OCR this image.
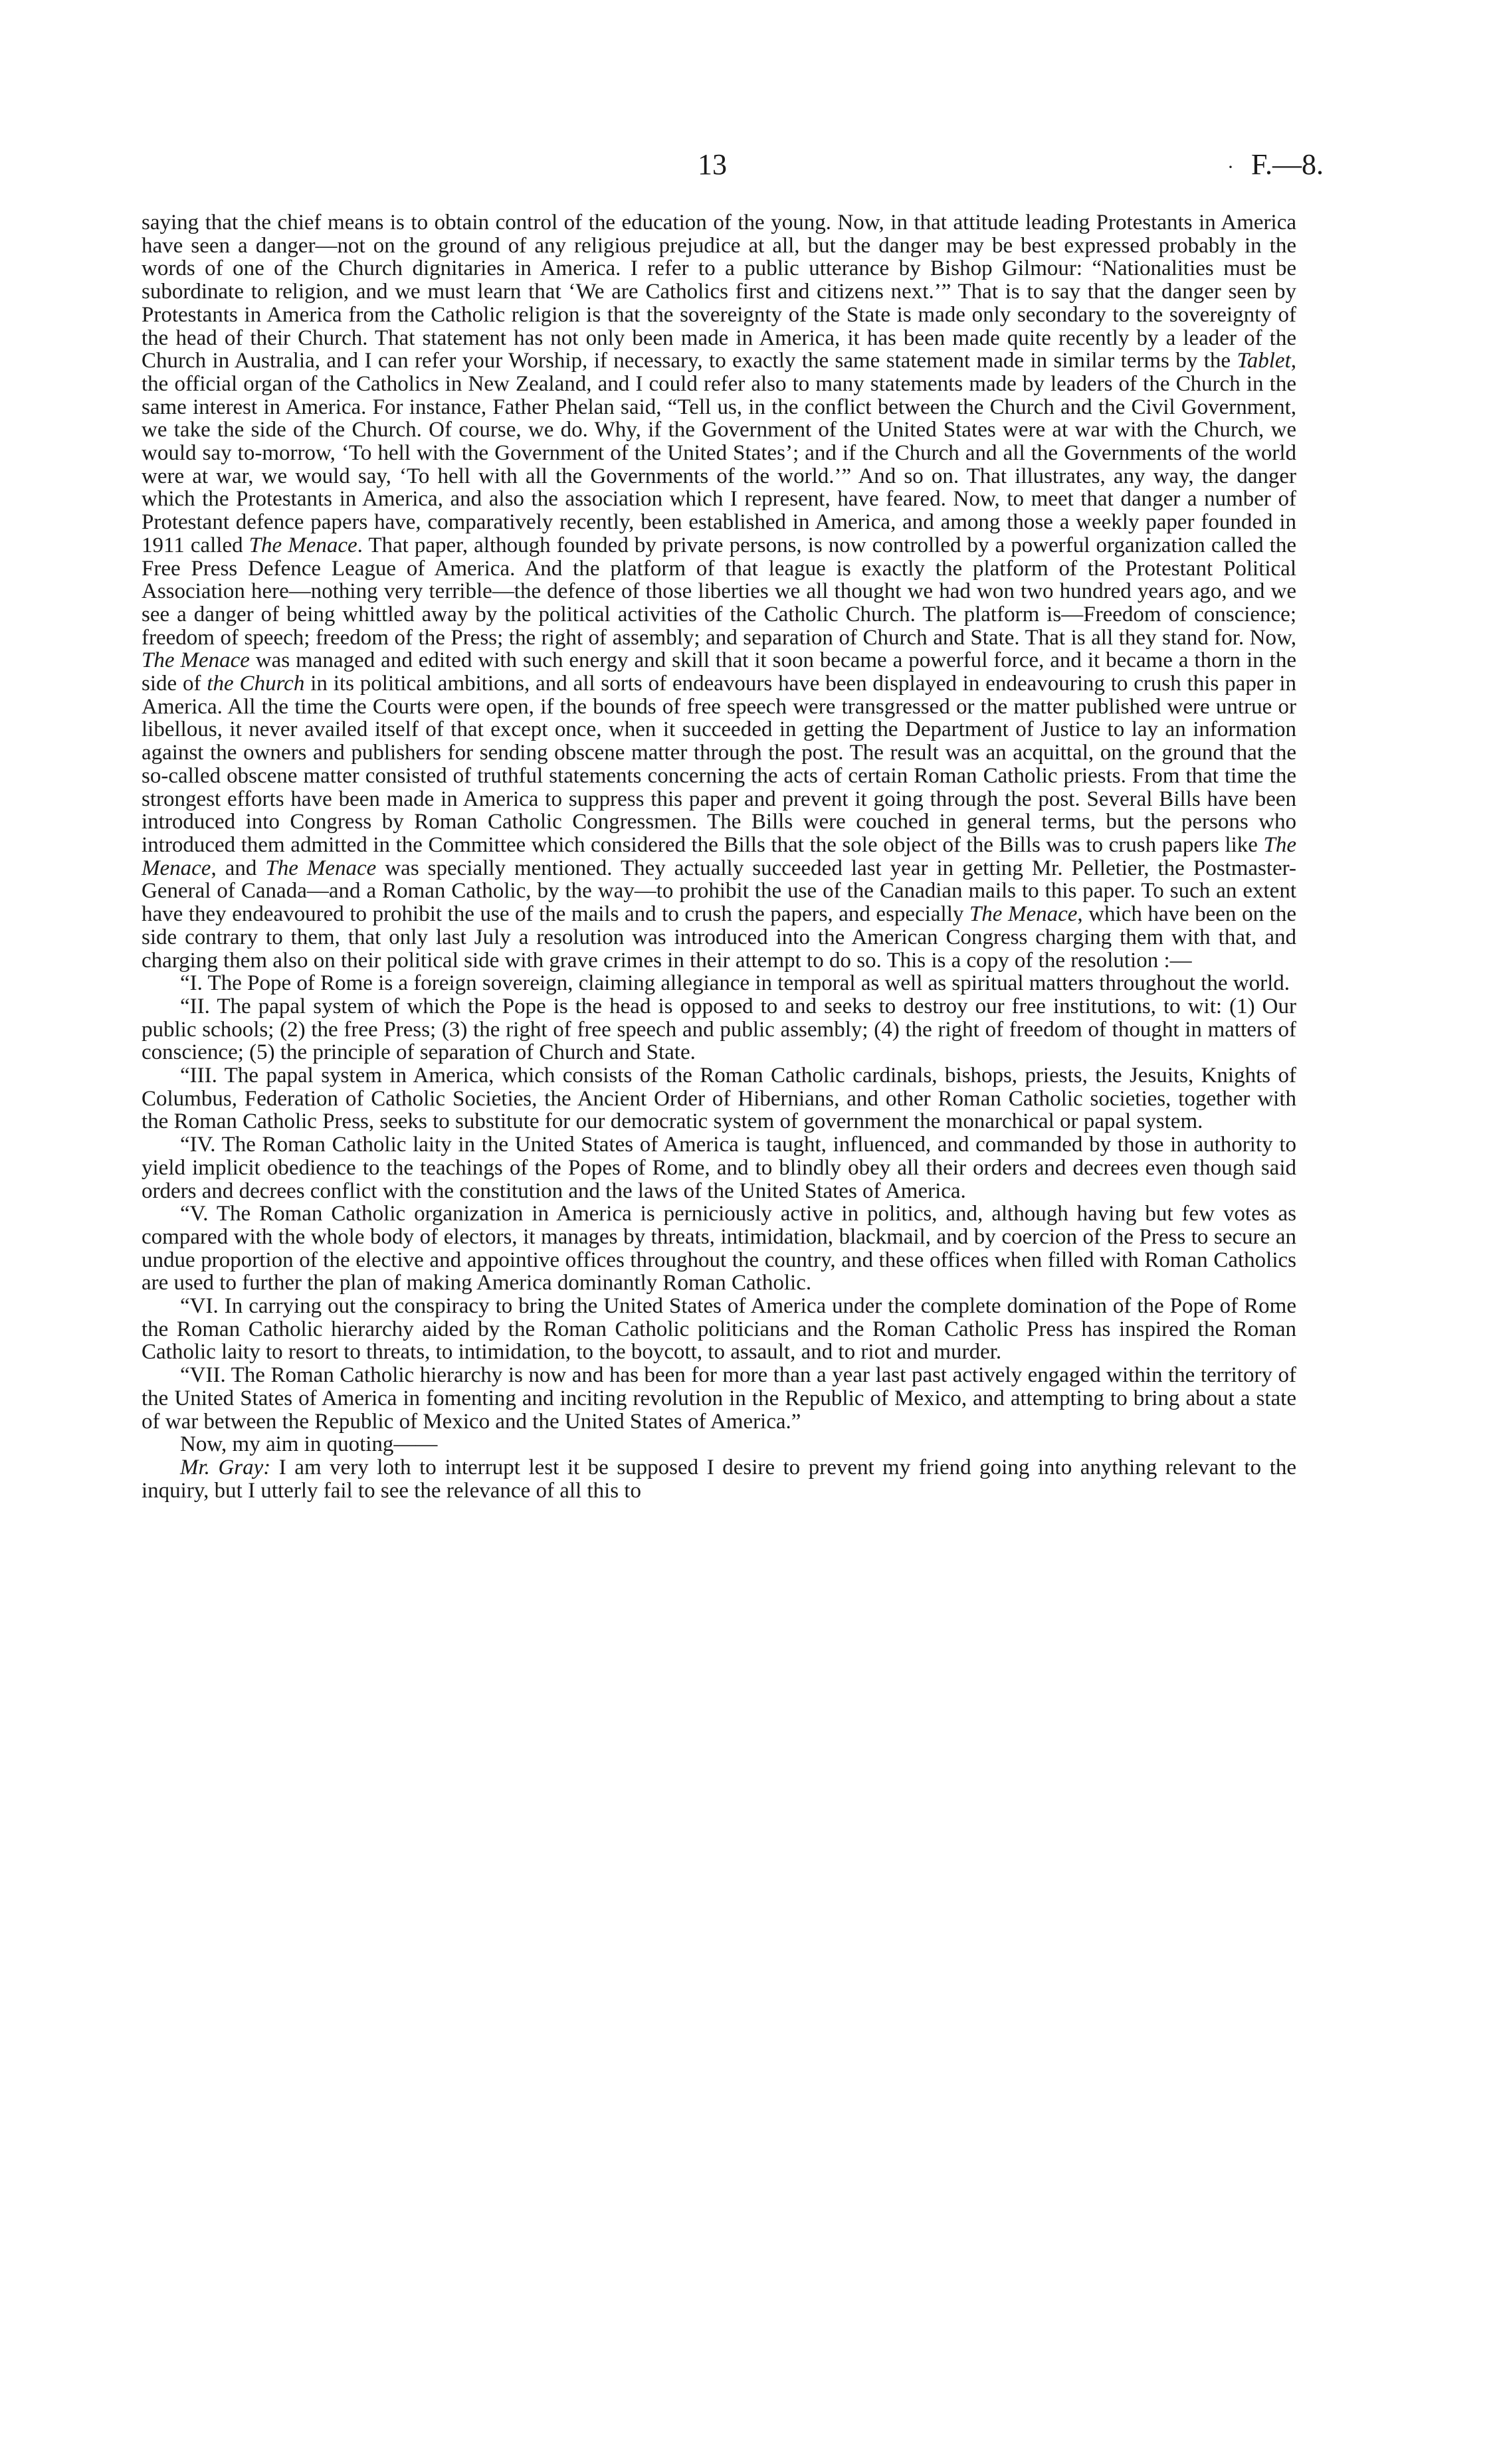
13	· F.—8.

saying that the chief means is to obtain control of the education of the young. Now, in that attitude leading Protestants in America have seen a danger—not on the ground of any religious prejudice at all, but the danger may be best expressed probably in the words of one of the Church dignitaries in America. I refer to a public utterance by Bishop Gilmour: “Nationalities must be subordinate to religion, and we must learn that ‘We are Catholics first and citizens next.’” That is to say that the danger seen by Protestants in America from the Catholic religion is that the sovereignty of the State is made only secondary to the sovereignty of the head of their Church. That statement has not only been made in America, it has been made quite recently by a leader of the Church in Australia, and I can refer your Worship, if necessary, to exactly the same statement made in similar terms by the Tablet, the official organ of the Catholics in New Zealand, and I could refer also to many statements made by leaders of the Church in the same interest in America. For instance, Father Phelan said, “Tell us, in the conflict between the Church and the Civil Government, we take the side of the Church. Of course, we do. Why, if the Government of the United States were at war with the Church, we would say to-morrow, ‘To hell with the Government of the United States’; and if the Church and all the Governments of the world were at war, we would say, ‘To hell with all the Governments of the world.’” And so on. That illustrates, any way, the danger which the Protestants in America, and also the association which I represent, have feared. Now, to meet that danger a number of Protestant defence papers have, comparatively recently, been established in America, and among those a weekly paper founded in 1911 called The Menace. That paper, although founded by private persons, is now controlled by a powerful organization called the Free Press Defence League of America. And the platform of that league is exactly the platform of the Protestant Political Association here—nothing very terrible—the defence of those liberties we all thought we had won two hundred years ago, and we see a danger of being whittled away by the political activities of the Catholic Church. The platform is—Freedom of conscience; freedom of speech; freedom of the Press; the right of assembly; and separation of Church and State. That is all they stand for. Now, The Menace was managed and edited with such energy and skill that it soon became a powerful force, and it became a thorn in the side of the Church in its political ambitions, and all sorts of endeavours have been displayed in endeavouring to crush this paper in America. All the time the Courts were open, if the bounds of free speech were transgressed or the matter published were untrue or libellous, it never availed itself of that except once, when it succeeded in getting the Department of Justice to lay an information against the owners and publishers for sending obscene matter through the post. The result was an acquittal, on the ground that the so-called obscene matter consisted of truthful statements concerning the acts of certain Roman Catholic priests. From that time the strongest efforts have been made in America to suppress this paper and prevent it going through the post. Several Bills have been introduced into Congress by Roman Catholic Congressmen. The Bills were couched in general terms, but the persons who introduced them admitted in the Committee which considered the Bills that the sole object of the Bills was to crush papers like The Menace, and The Menace was specially mentioned. They actually succeeded last year in getting Mr. Pelletier, the Postmaster-General of Canada—and a Roman Catholic, by the way—to prohibit the use of the Canadian mails to this paper. To such an extent have they endeavoured to prohibit the use of the mails and to crush the papers, and especially The Menace, which have been on the side contrary to them, that only last July a resolution was introduced into the American Congress charging them with that, and charging them also on their political side with grave crimes in their attempt to do so. This is a copy of the resolution :—

“I. The Pope of Rome is a foreign sovereign, claiming allegiance in temporal as well as spiritual matters throughout the world.

“II. The papal system of which the Pope is the head is opposed to and seeks to destroy our free institutions, to wit: (1) Our public schools; (2) the free Press; (3) the right of free speech and public assembly; (4) the right of freedom of thought in matters of conscience; (5) the principle of separation of Church and State.

“III. The papal system in America, which consists of the Roman Catholic cardinals, bishops, priests, the Jesuits, Knights of Columbus, Federation of Catholic Societies, the Ancient Order of Hibernians, and other Roman Catholic societies, together with the Roman Catholic Press, seeks to substitute for our democratic system of government the monarchical or papal system.

“IV. The Roman Catholic laity in the United States of America is taught, influenced, and commanded by those in authority to yield implicit obedience to the teachings of the Popes of Rome, and to blindly obey all their orders and decrees even though said orders and decrees conflict with the constitution and the laws of the United States of America.

“V. The Roman Catholic organization in America is perniciously active in politics, and, although having but few votes as compared with the whole body of electors, it manages by threats, intimidation, blackmail, and by coercion of the Press to secure an undue proportion of the elective and appointive offices throughout the country, and these offices when filled with Roman Catholics are used to further the plan of making America dominantly Roman Catholic.

“VI. In carrying out the conspiracy to bring the United States of America under the complete domination of the Pope of Rome the Roman Catholic hierarchy aided by the Roman Catholic politicians and the Roman Catholic Press has inspired the Roman Catholic laity to resort to threats, to intimidation, to the boycott, to assault, and to riot and murder.

“VII. The Roman Catholic hierarchy is now and has been for more than a year last past actively engaged within the territory of the United States of America in fomenting and inciting revolution in the Republic of Mexico, and attempting to bring about a state of war between the Republic of Mexico and the United States of America.”

Now, my aim in quoting——

Mr. Gray: I am very loth to interrupt lest it be supposed I desire to prevent my friend going into anything relevant to the inquiry, but I utterly fail to see the relevance of all this to
